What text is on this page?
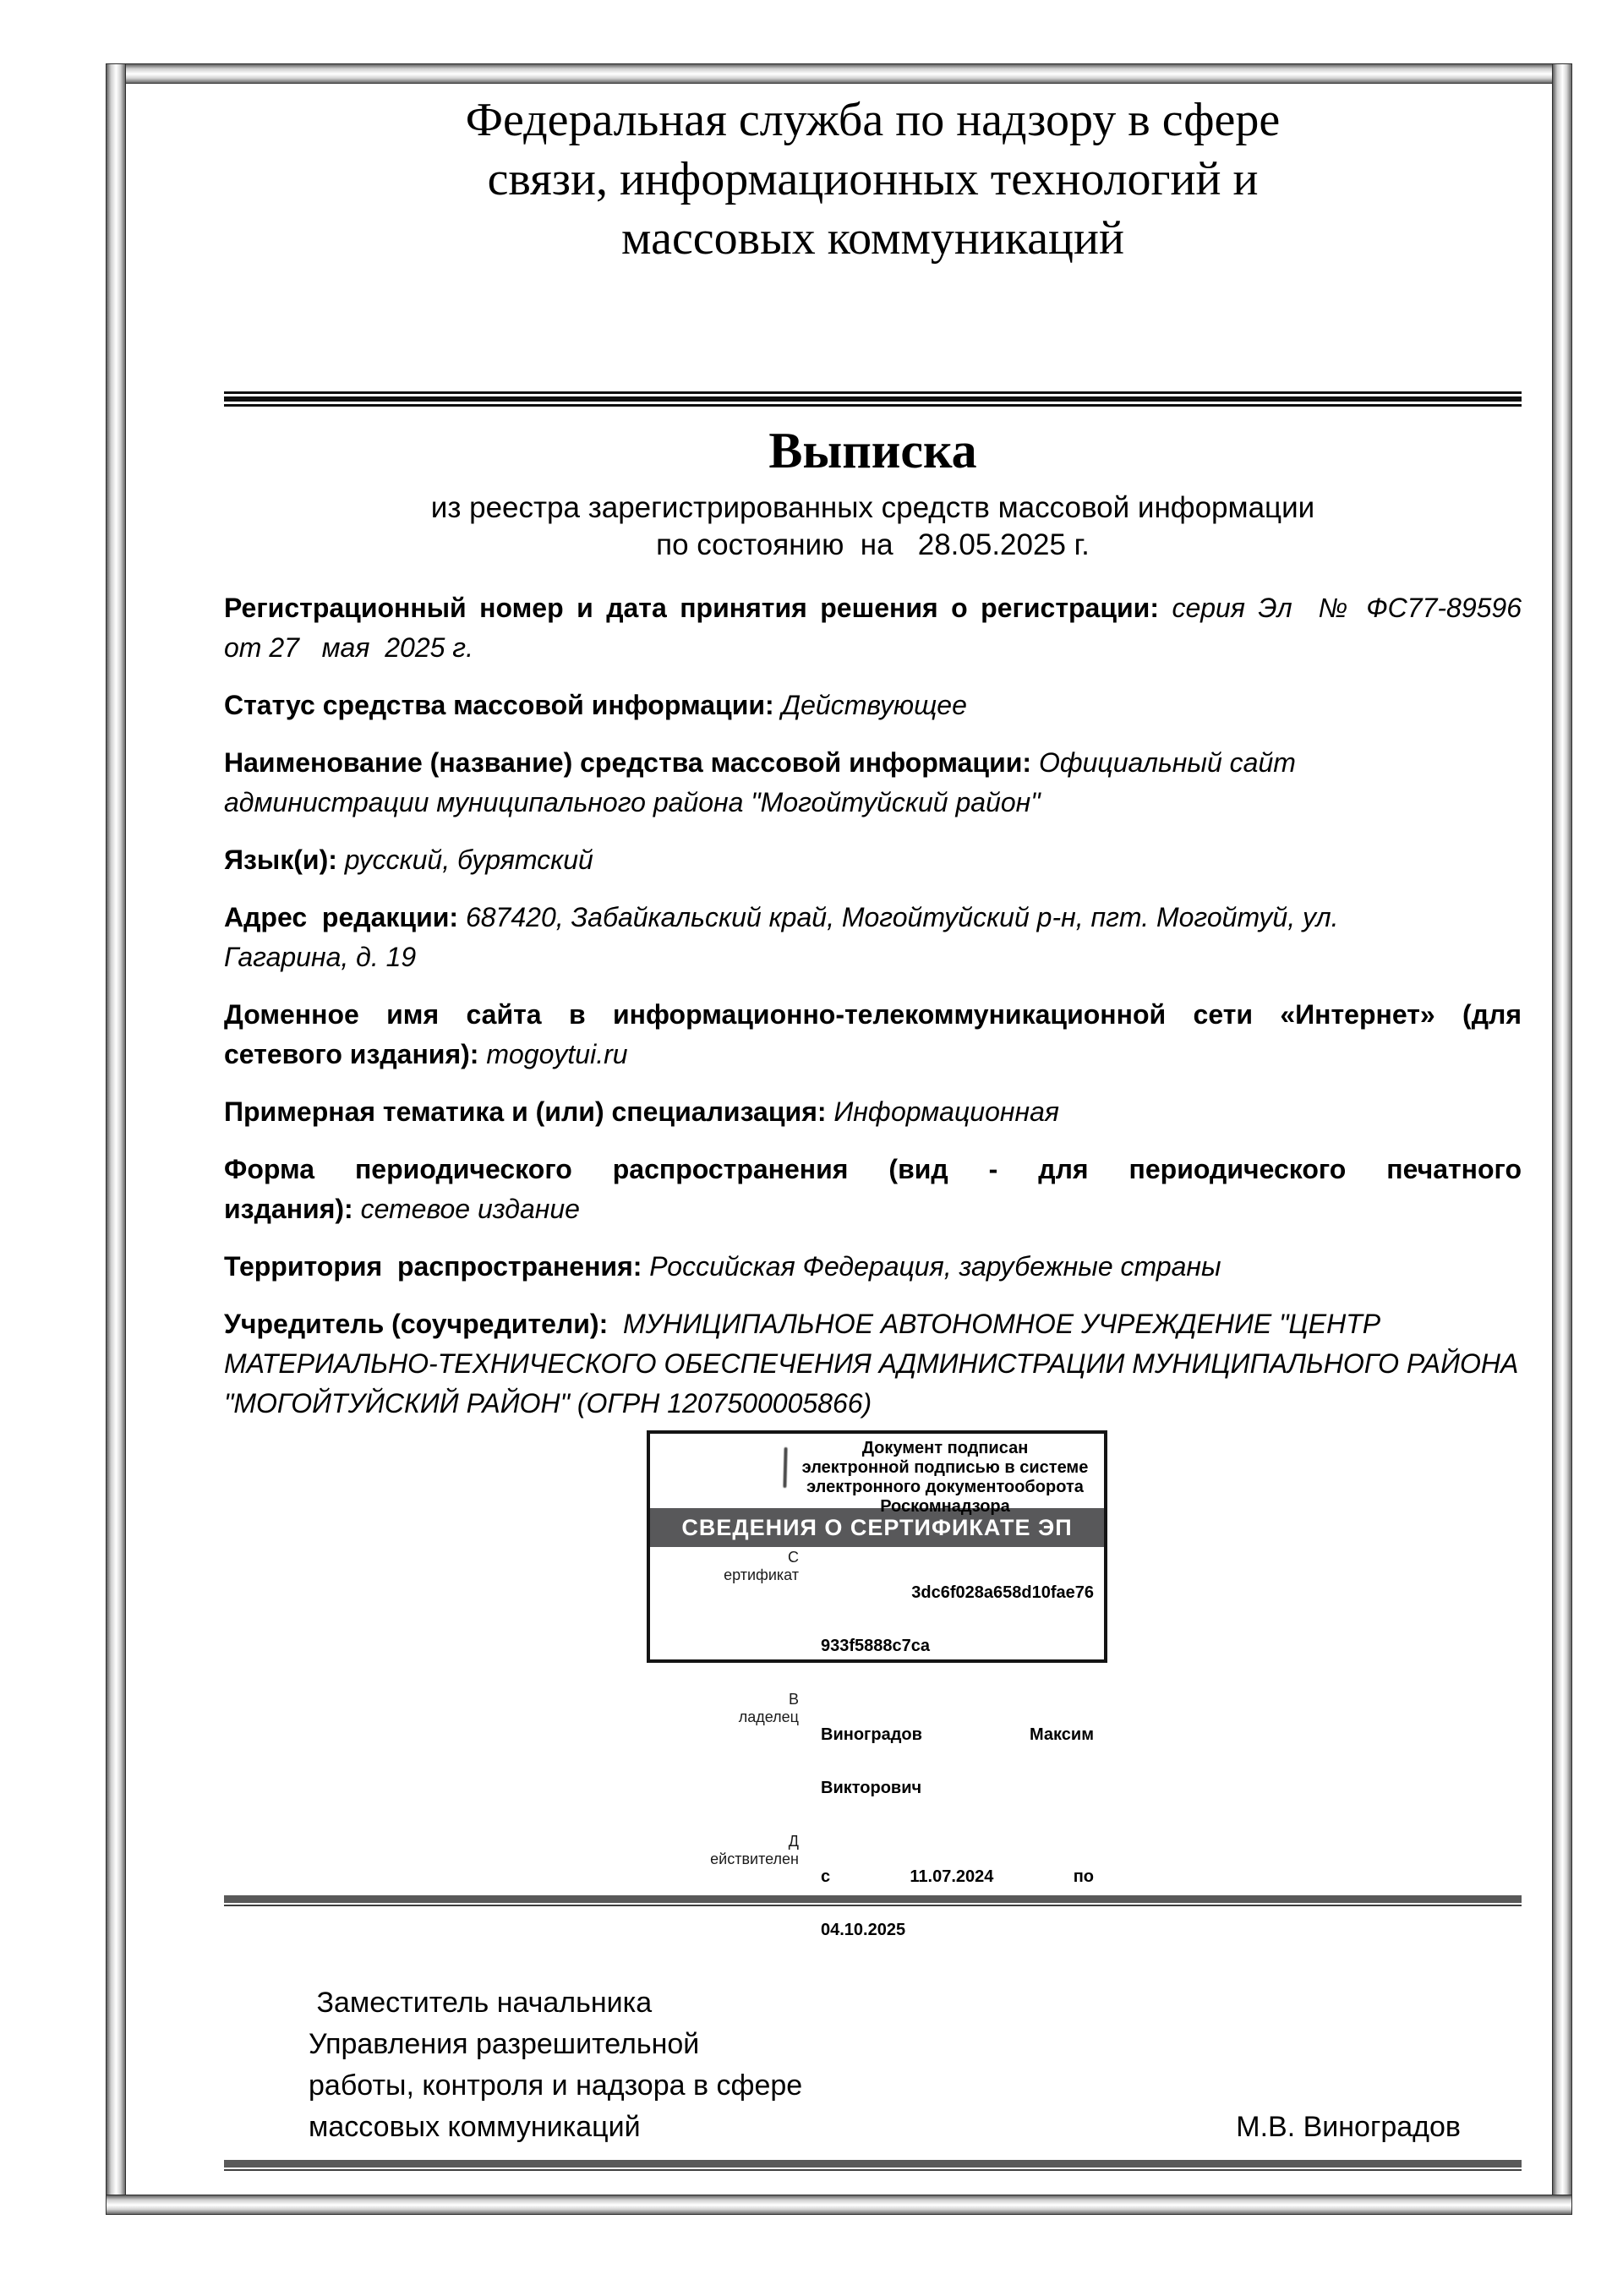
Федеральная служба по надзору в сфере
связи, информационных технологий и
массовых коммуникаций
Выписка
из реестра зарегистрированных средств массовой информации
по состоянию  на   28.05.2025 г.
Регистрационный номер и дата принятия решения о регистрации: серия Эл  № ФС77-89596
от 27   мая  2025 г.
Статус средства массовой информации: Действующее
Наименование (название) средства массовой информации: Официальный сайт
администрации муниципального района "Могойтуйский район"
Язык(и): русский, бурятский
Адрес  редакции: 687420, Забайкальский край, Могойтуйский р-н, пгт. Могойтуй, ул.
Гагарина, д. 19
Доменное имя сайта в информационно-телекоммуникационной сети «Интернет» (для
сетевого издания): mogoytui.ru
Примерная тематика и (или) специализация: Информационная
Форма периодического распространения (вид - для периодического печатного
издания): сетевое издание
Территория  распространения: Российская Федерация, зарубежные страны
Учредитель (соучредители):  МУНИЦИПАЛЬНОЕ АВТОНОМНОЕ УЧРЕЖДЕНИЕ "ЦЕНТР
МАТЕРИАЛЬНО-ТЕХНИЧЕСКОГО ОБЕСПЕЧЕНИЯ АДМИНИСТРАЦИИ МУНИЦИПАЛЬНОГО РАЙОНА
"МОГОЙТУЙСКИЙ РАЙОН" (ОГРН 1207500005866)
Документ подписан
электронной подписью в системе
электронного документооборота
Роскомнадзора
СВЕДЕНИЯ О СЕРТИФИКАТЕ ЭП
С
ертификат

3dc6f028a658d10fae76

933f5888c7ca

В
ладелец

Виноградов Максим

Викторович

Д
ействителен

с 11.07.2024 по

04.10.2025

Заместитель начальника
Управления разрешительной
работы, контроля и надзора в сфере
массовых коммуникаций	М.В. Виноградов
